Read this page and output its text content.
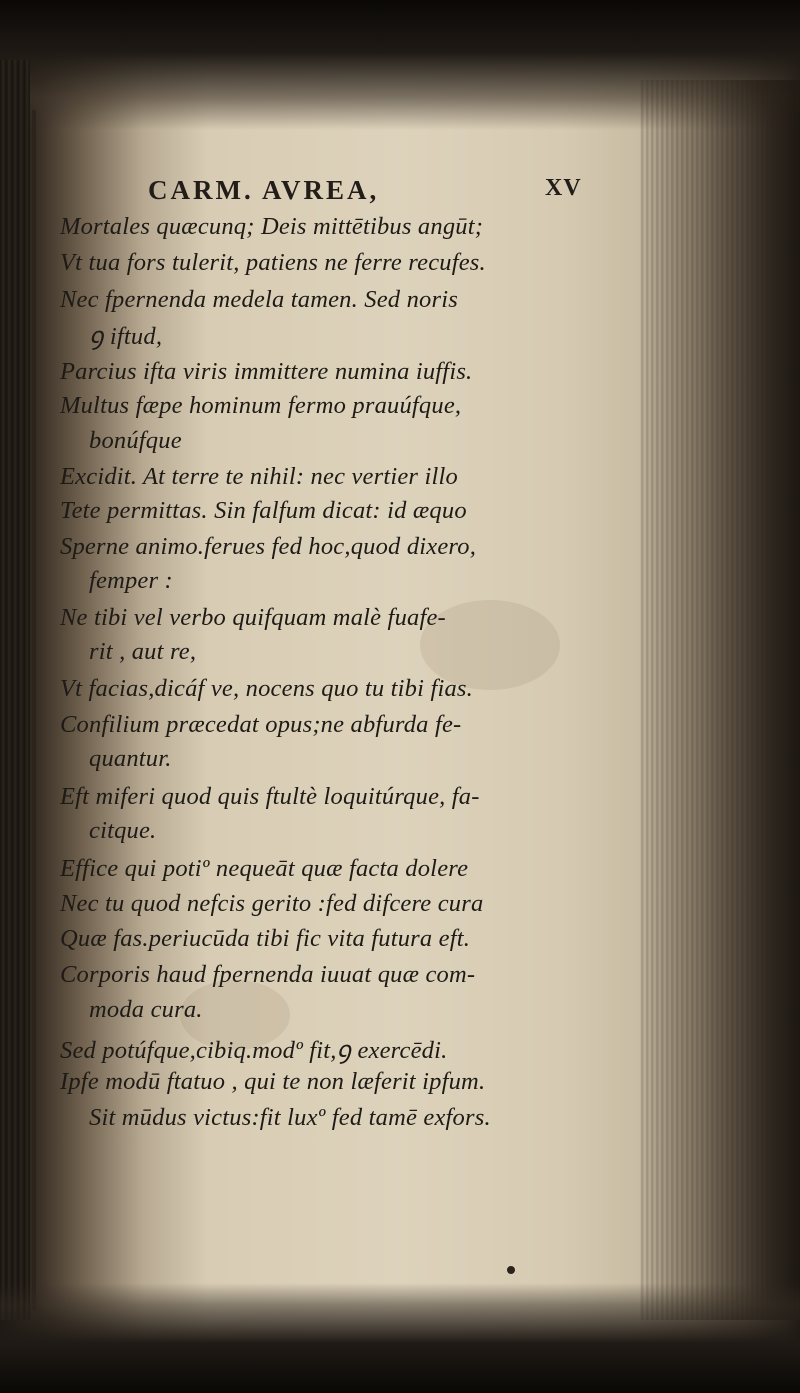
CARM. AVREA,	XV
Mortales quæcunq; Deis mittētibus angūt;
Vt tua fors tulerit, patiens ne ferre recufes.
Nec fpernenda medela tamen. Sed noris
ꝯ iftud,
Parcius ifta viris immittere numina iuffis.
Multus fæpe hominum fermo prauúfque,
bonúfque
Excidit. At terre te nihil: nec vertier illo
Tete permittas. Sin falfum dicat: id æquo
Sperne animo.ferues fed hoc,quod dixero,
femper :
Ne tibi vel verbo quifquam malè fuafe-
rit , aut re,
Vt facias,dicáf ve, nocens quo tu tibi fias.
Confilium præcedat opus;ne abfurda fe-
quantur.
Eft miferi quod quis ftultè loquitúrque, fa-
citque.
Effice qui potiº nequeāt quæ facta dolere
Nec tu quod nefcis gerito :fed difcere cura
Quæ fas.periucūda tibi fic vita futura eft.
Corporis haud fpernenda iuuat quæ com-
moda cura.
Sed potúfque,cibiq.modº fit,ꝯ exercēdi.
Ipfe modū ftatuo , qui te non læferit ipfum.
Sit mūdus victus:fit luxº fed tamē exfors.
